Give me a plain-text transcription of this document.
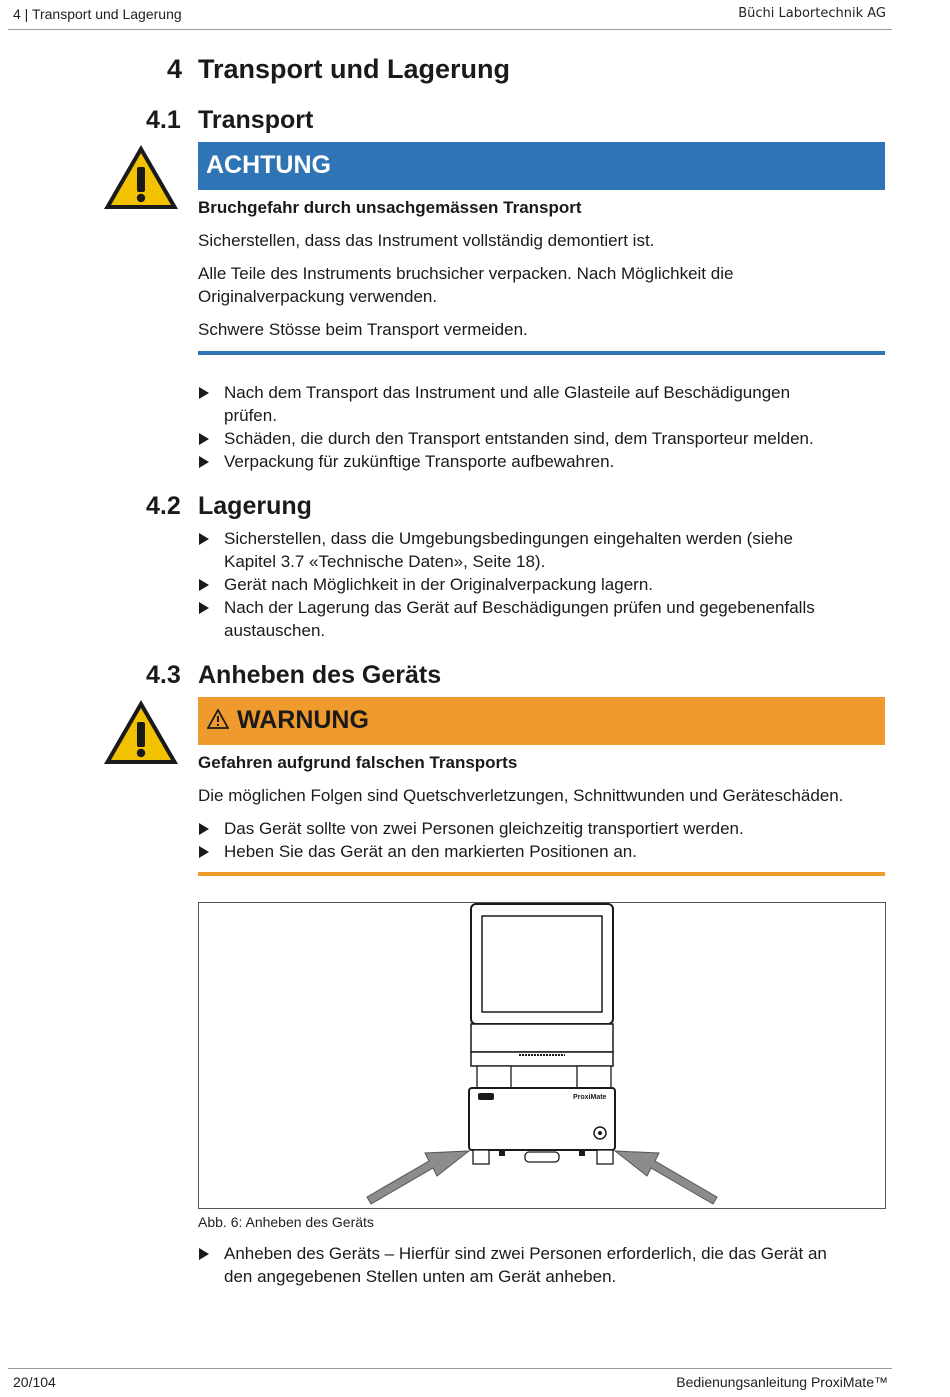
4 | Transport und Lagerung	Büchi Labortechnik AG
4 Transport und Lagerung
4.1 Transport
ACHTUNG
Bruchgefahr durch unsachgemässen Transport
Sicherstellen, dass das Instrument vollständig demontiert ist.
Alle Teile des Instruments bruchsicher verpacken. Nach Möglichkeit die
Originalverpackung verwenden.
Schwere Stösse beim Transport vermeiden.
Nach dem Transport das Instrument und alle Glasteile auf Beschädigungen
prüfen.
Schäden, die durch den Transport entstanden sind, dem Transporteur melden.
Verpackung für zukünftige Transporte aufbewahren.
4.2 Lagerung
Sicherstellen, dass die Umgebungsbedingungen eingehalten werden (siehe
Kapitel 3.7 «Technische Daten», Seite 18).
Gerät nach Möglichkeit in der Originalverpackung lagern.
Nach der Lagerung das Gerät auf Beschädigungen prüfen und gegebenenfalls
austauschen.
4.3 Anheben des Geräts
WARNUNG
Gefahren aufgrund falschen Transports
Die möglichen Folgen sind Quetschverletzungen, Schnittwunden und Geräteschäden.
Das Gerät sollte von zwei Personen gleichzeitig transportiert werden.
Heben Sie das Gerät an den markierten Positionen an.
ProxiMate
Abb. 6: Anheben des Geräts
Anheben des Geräts – Hierfür sind zwei Personen erforderlich, die das Gerät an
den angegebenen Stellen unten am Gerät anheben.
20/104	Bedienungsanleitung ProxiMate™
